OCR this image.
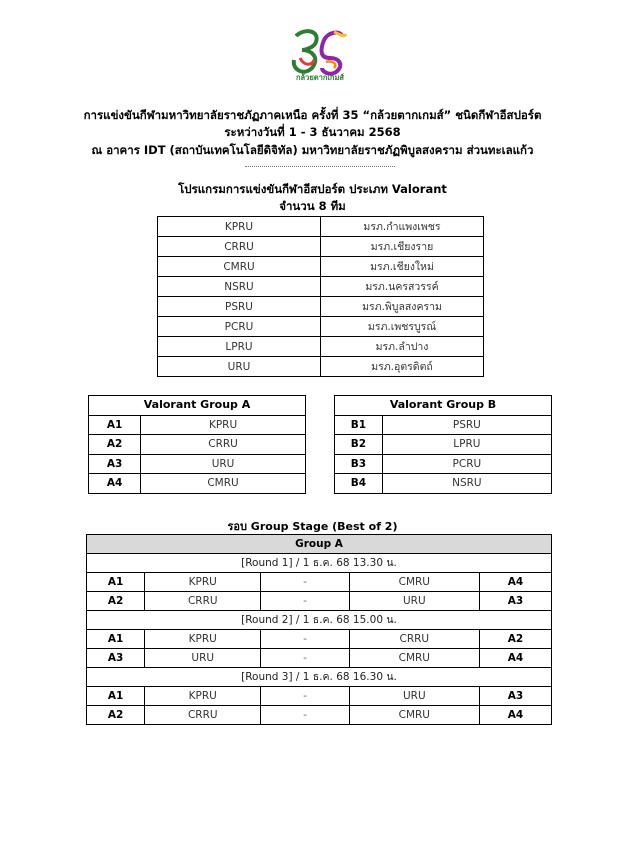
กล้วยตากเกมส์
การแข่งขันกีฬามหาวิทยาลัยราชภัฏภาคเหนือ ครั้งที่ 35 “กล้วยตากเกมส์” ชนิดกีฬาอีสปอร์ต
ระหว่างวันที่ 1 - 3 ธันวาคม 2568
ณ อาคาร IDT (สถาบันเทคโนโลยีดิจิทัล) มหาวิทยาลัยราชภัฏพิบูลสงคราม ส่วนทะเลแก้ว
โปรแกรมการแข่งขันกีฬาอีสปอร์ต ประเภท Valorant
จำนวน 8 ทีม
KPRU	มรภ.กำแพงเพชร
CRRU	มรภ.เชียงราย
CMRU	มรภ.เชียงใหม่
NSRU	มรภ.นครสวรรค์
PSRU	มรภ.พิบูลสงคราม
PCRU	มรภ.เพชรบูรณ์
LPRU	มรภ.ลำปาง
URU	มรภ.อุตรดิตถ์
Valorant Group A	
A1	KPRU
A2	CRRU
A3	URU
A4	CMRU
Valorant Group B	
B1	PSRU
B2	LPRU
B3	PCRU
B4	NSRU
รอบ Group Stage (Best of 2)
Group A				
[Round 1] / 1 ธ.ค. 68 13.30 น.				
A1	KPRU	-	CMRU	A4
A2	CRRU	-	URU	A3
[Round 2] / 1 ธ.ค. 68 15.00 น.				
A1	KPRU	-	CRRU	A2
A3	URU	-	CMRU	A4
[Round 3] / 1 ธ.ค. 68 16.30 น.				
A1	KPRU	-	URU	A3
A2	CRRU	-	CMRU	A4
